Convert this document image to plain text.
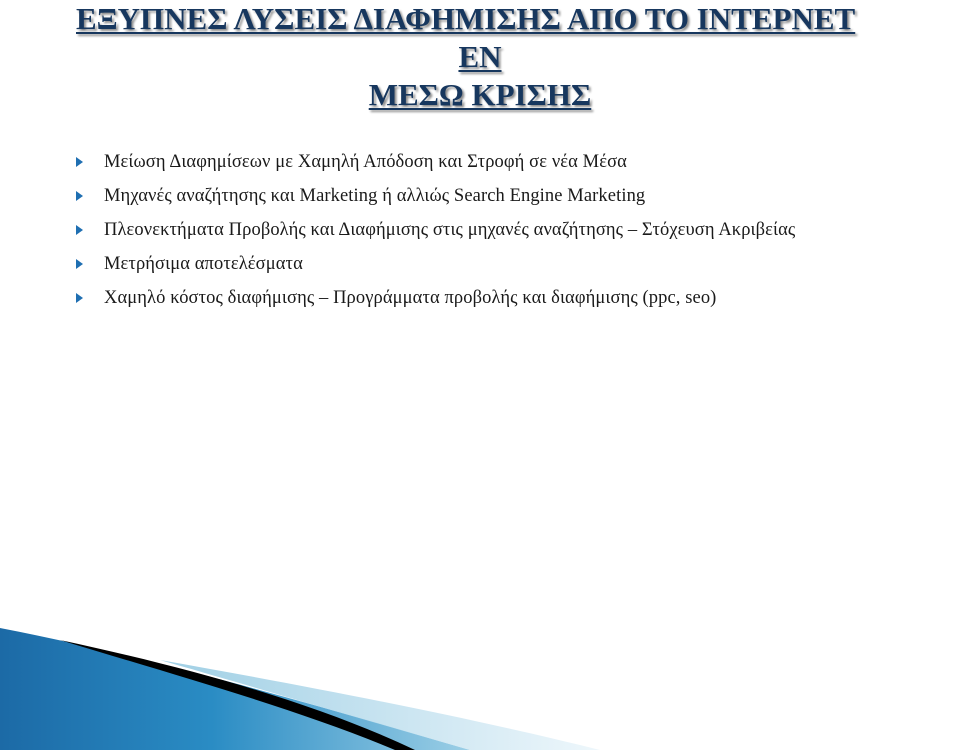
ΕΞΥΠΝΕΣ ΛΥΣΕΙΣ ΔΙΑΦΗΜΙΣΗΣ ΑΠΟ ΤΟ ΙΝΤΕΡΝΕΤ
ΕΝ
ΜΕΣΩ ΚΡΙΣΗΣ
Μείωση Διαφημίσεων με Χαμηλή Απόδοση και Στροφή σε νέα Μέσα
Μηχανές αναζήτησης και Marketing ή αλλιώς Search Engine Marketing
Πλεονεκτήματα Προβολής και Διαφήμισης στις μηχανές αναζήτησης – Στόχευση Ακριβείας
Μετρήσιμα αποτελέσματα
Χαμηλό κόστος διαφήμισης – Προγράμματα προβολής και διαφήμισης (ppc, seo)
